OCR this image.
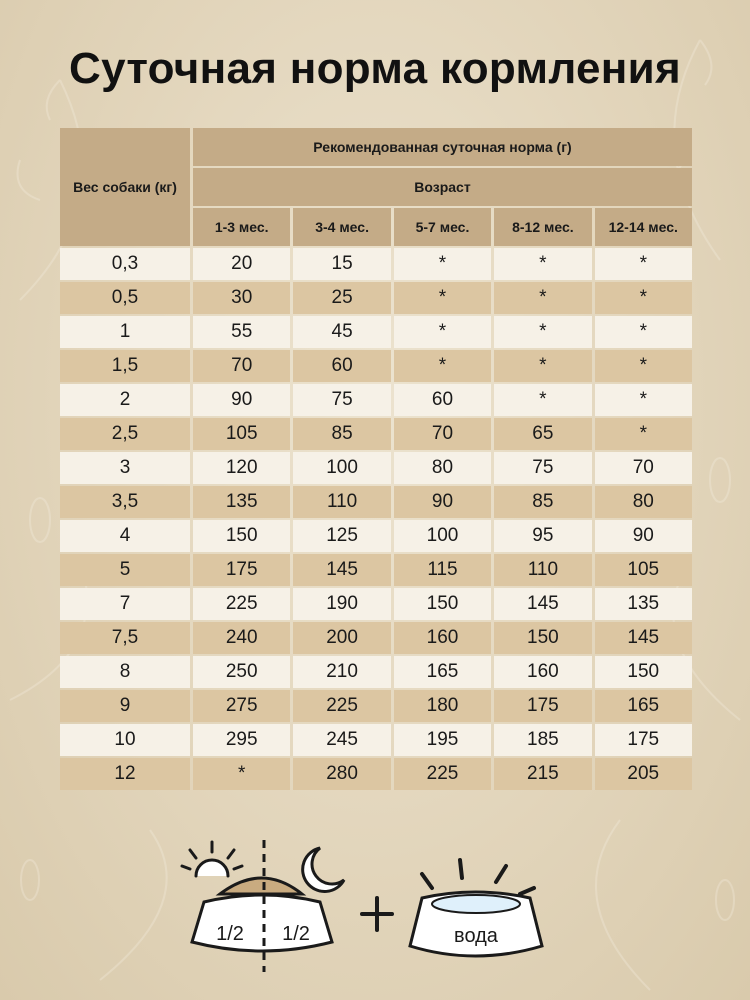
Суточная норма кормления
Вес собаки (кг)	Рекомендованная суточная норма (г)				
	Возраст				
	1-3 мес.	3-4 мес.	5-7 мес.	8-12 мес.	12-14 мес.
0,3	20	15	*	*	*
0,5	30	25	*	*	*
1	55	45	*	*	*
1,5	70	60	*	*	*
2	90	75	60	*	*
2,5	105	85	70	65	*
3	120	100	80	75	70
3,5	135	110	90	85	80
4	150	125	100	95	90
5	175	145	115	110	105
7	225	190	150	145	135
7,5	240	200	160	150	145
8	250	210	165	160	150
9	275	225	180	175	165
10	295	245	195	185	175
12	*	280	225	215	205
1/2 1/2	вода
